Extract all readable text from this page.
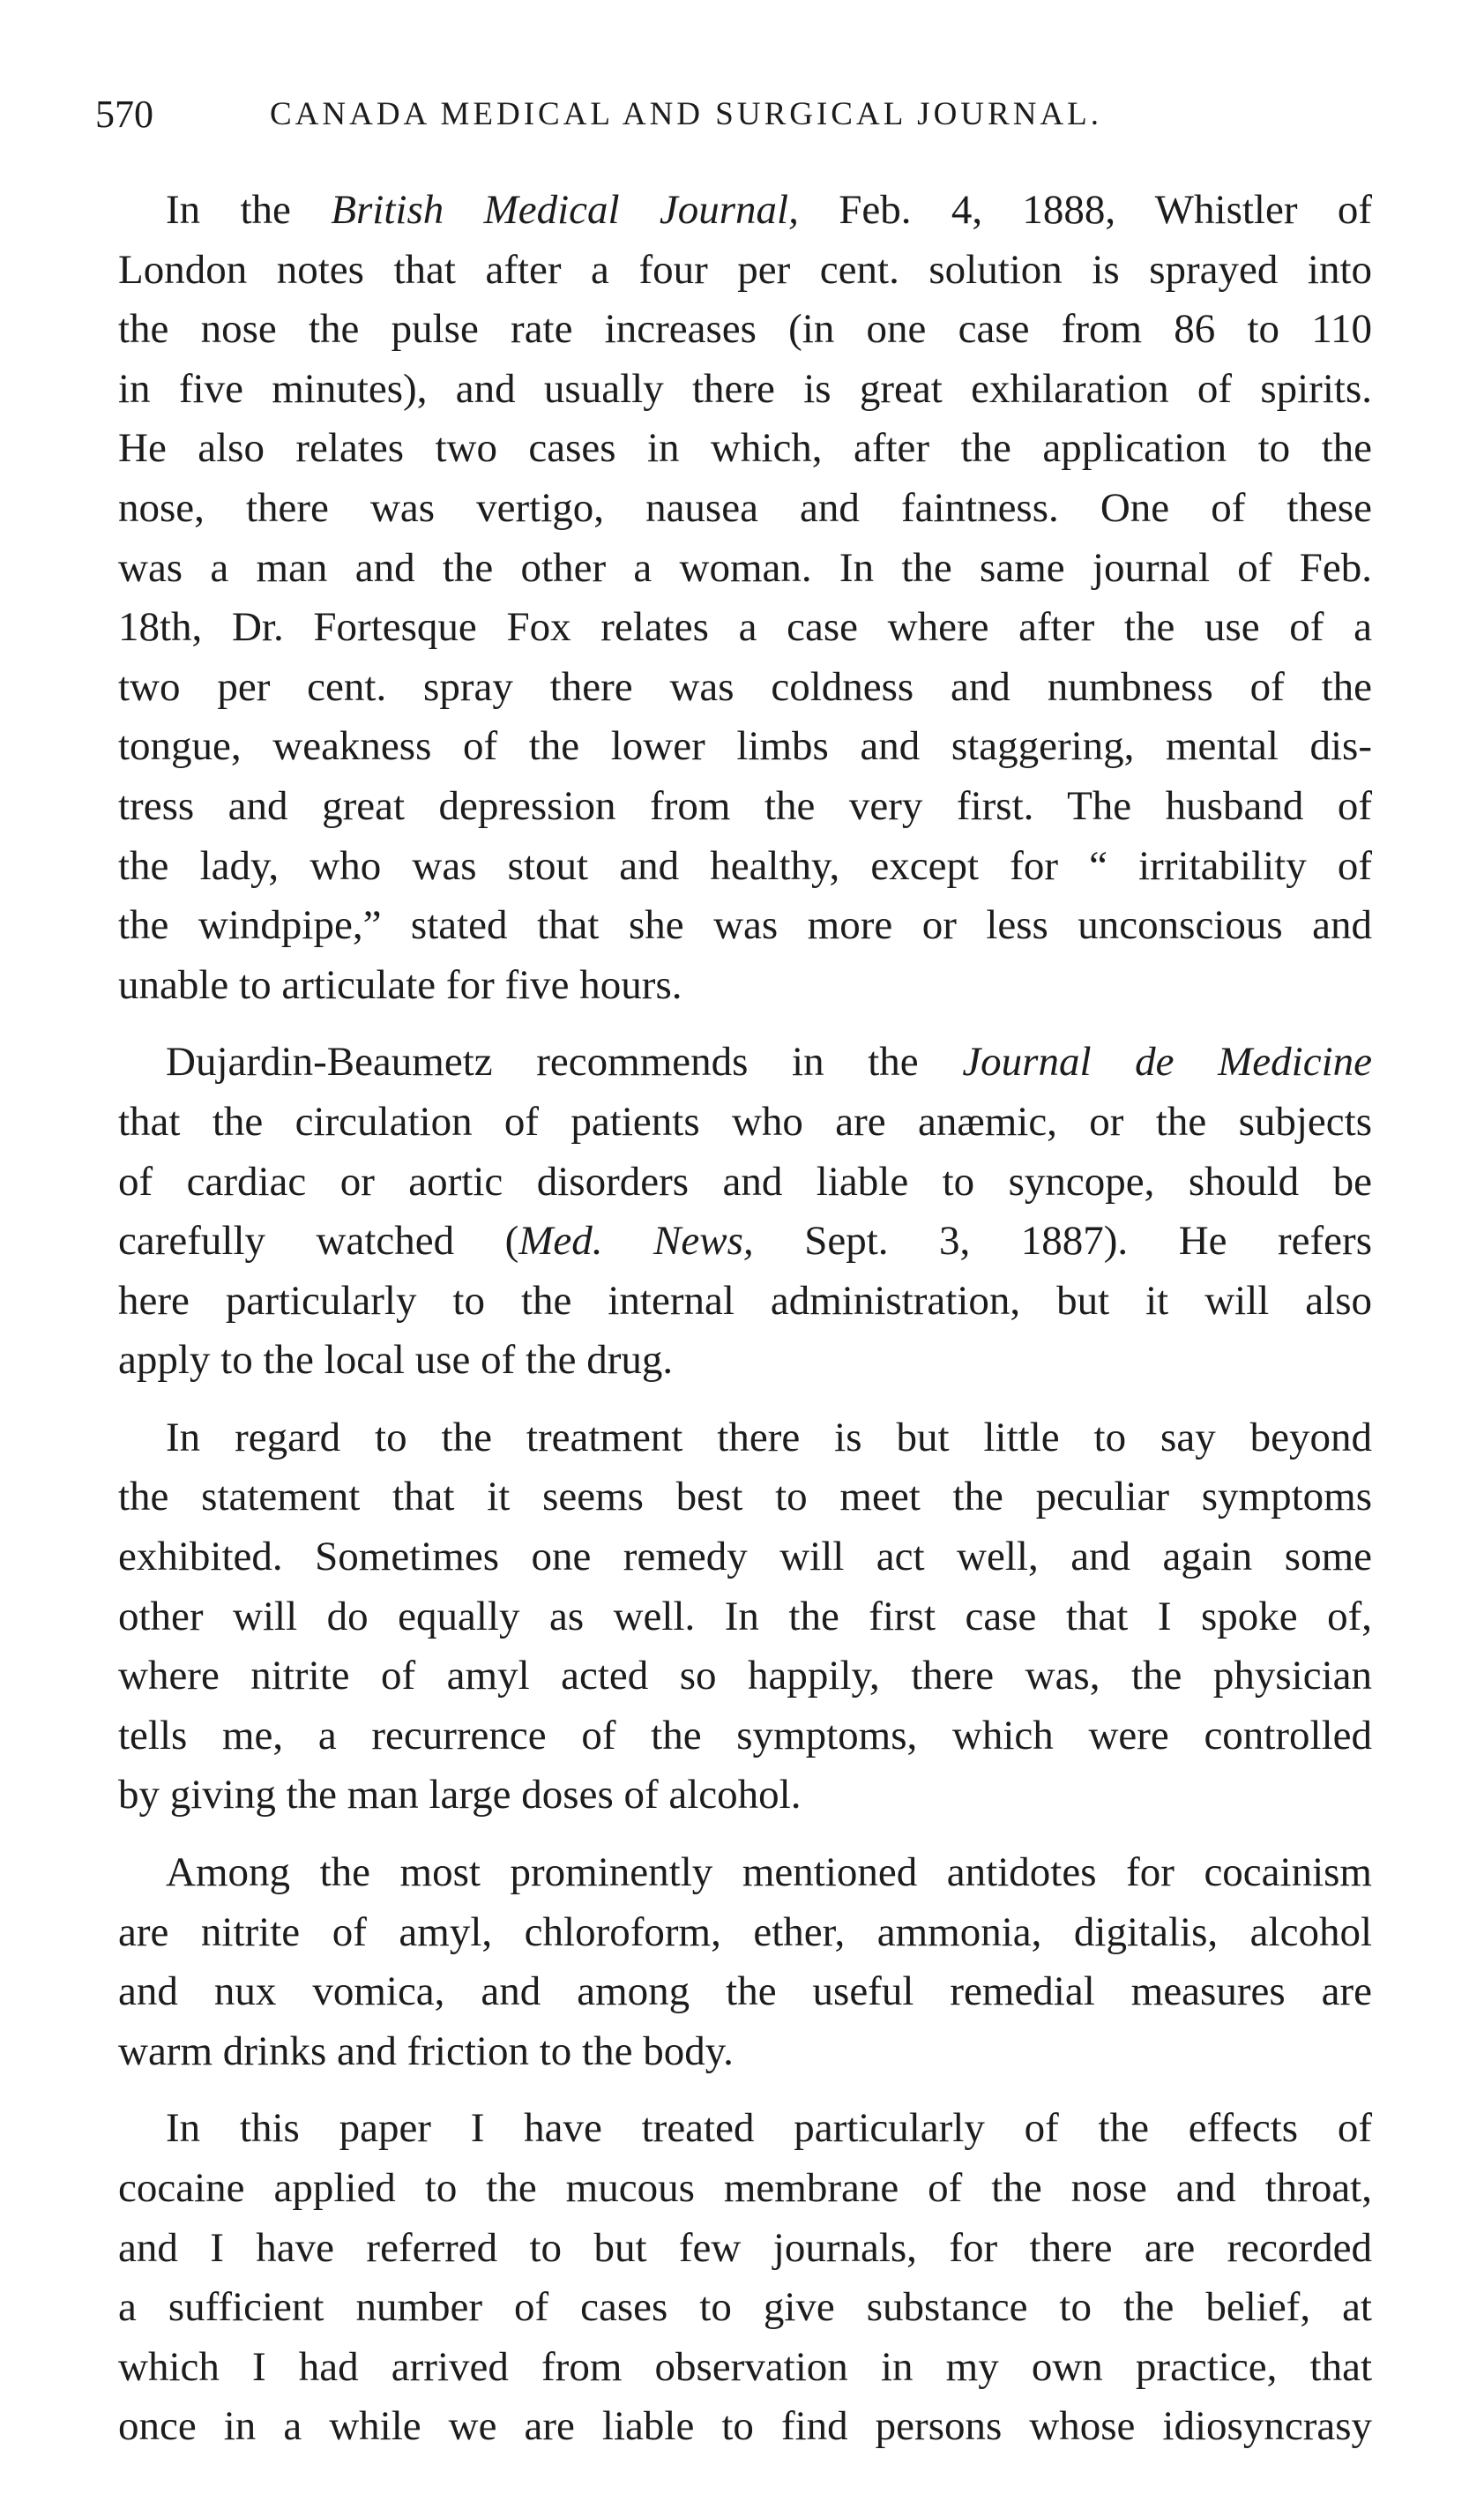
570	CANADA MEDICAL AND SURGICAL JOURNAL.
In the British Medical Journal, Feb. 4, 1888, Whistler of
London notes that after a four per cent. solution is sprayed into
the nose the pulse rate increases (in one case from 86 to 110
in five minutes), and usually there is great exhilaration of spirits.
He also relates two cases in which, after the application to the
nose, there was vertigo, nausea and faintness. One of these
was a man and the other a woman. In the same journal of Feb.
18th, Dr. Fortesque Fox relates a case where after the use of a
two per cent. spray there was coldness and numbness of the
tongue, weakness of the lower limbs and staggering, mental dis-
tress and great depression from the very first. The husband of
the lady, who was stout and healthy, except for “ irritability of
the windpipe,” stated that she was more or less unconscious and
unable to articulate for five hours.
Dujardin-Beaumetz recommends in the Journal de Medicine
that the circulation of patients who are anæmic, or the subjects
of cardiac or aortic disorders and liable to syncope, should be
carefully watched (Med. News, Sept. 3, 1887). He refers
here particularly to the internal administration, but it will also
apply to the local use of the drug.
In regard to the treatment there is but little to say beyond
the statement that it seems best to meet the peculiar symptoms
exhibited. Sometimes one remedy will act well, and again some
other will do equally as well. In the first case that I spoke of,
where nitrite of amyl acted so happily, there was, the physician
tells me, a recurrence of the symptoms, which were controlled
by giving the man large doses of alcohol.
Among the most prominently mentioned antidotes for cocainism
are nitrite of amyl, chloroform, ether, ammonia, digitalis, alcohol
and nux vomica, and among the useful remedial measures are
warm drinks and friction to the body.
In this paper I have treated particularly of the effects of
cocaine applied to the mucous membrane of the nose and throat,
and I have referred to but few journals, for there are recorded
a sufficient number of cases to give substance to the belief, at
which I had arrived from observation in my own practice, that
once in a while we are liable to find persons whose idiosyncrasy
